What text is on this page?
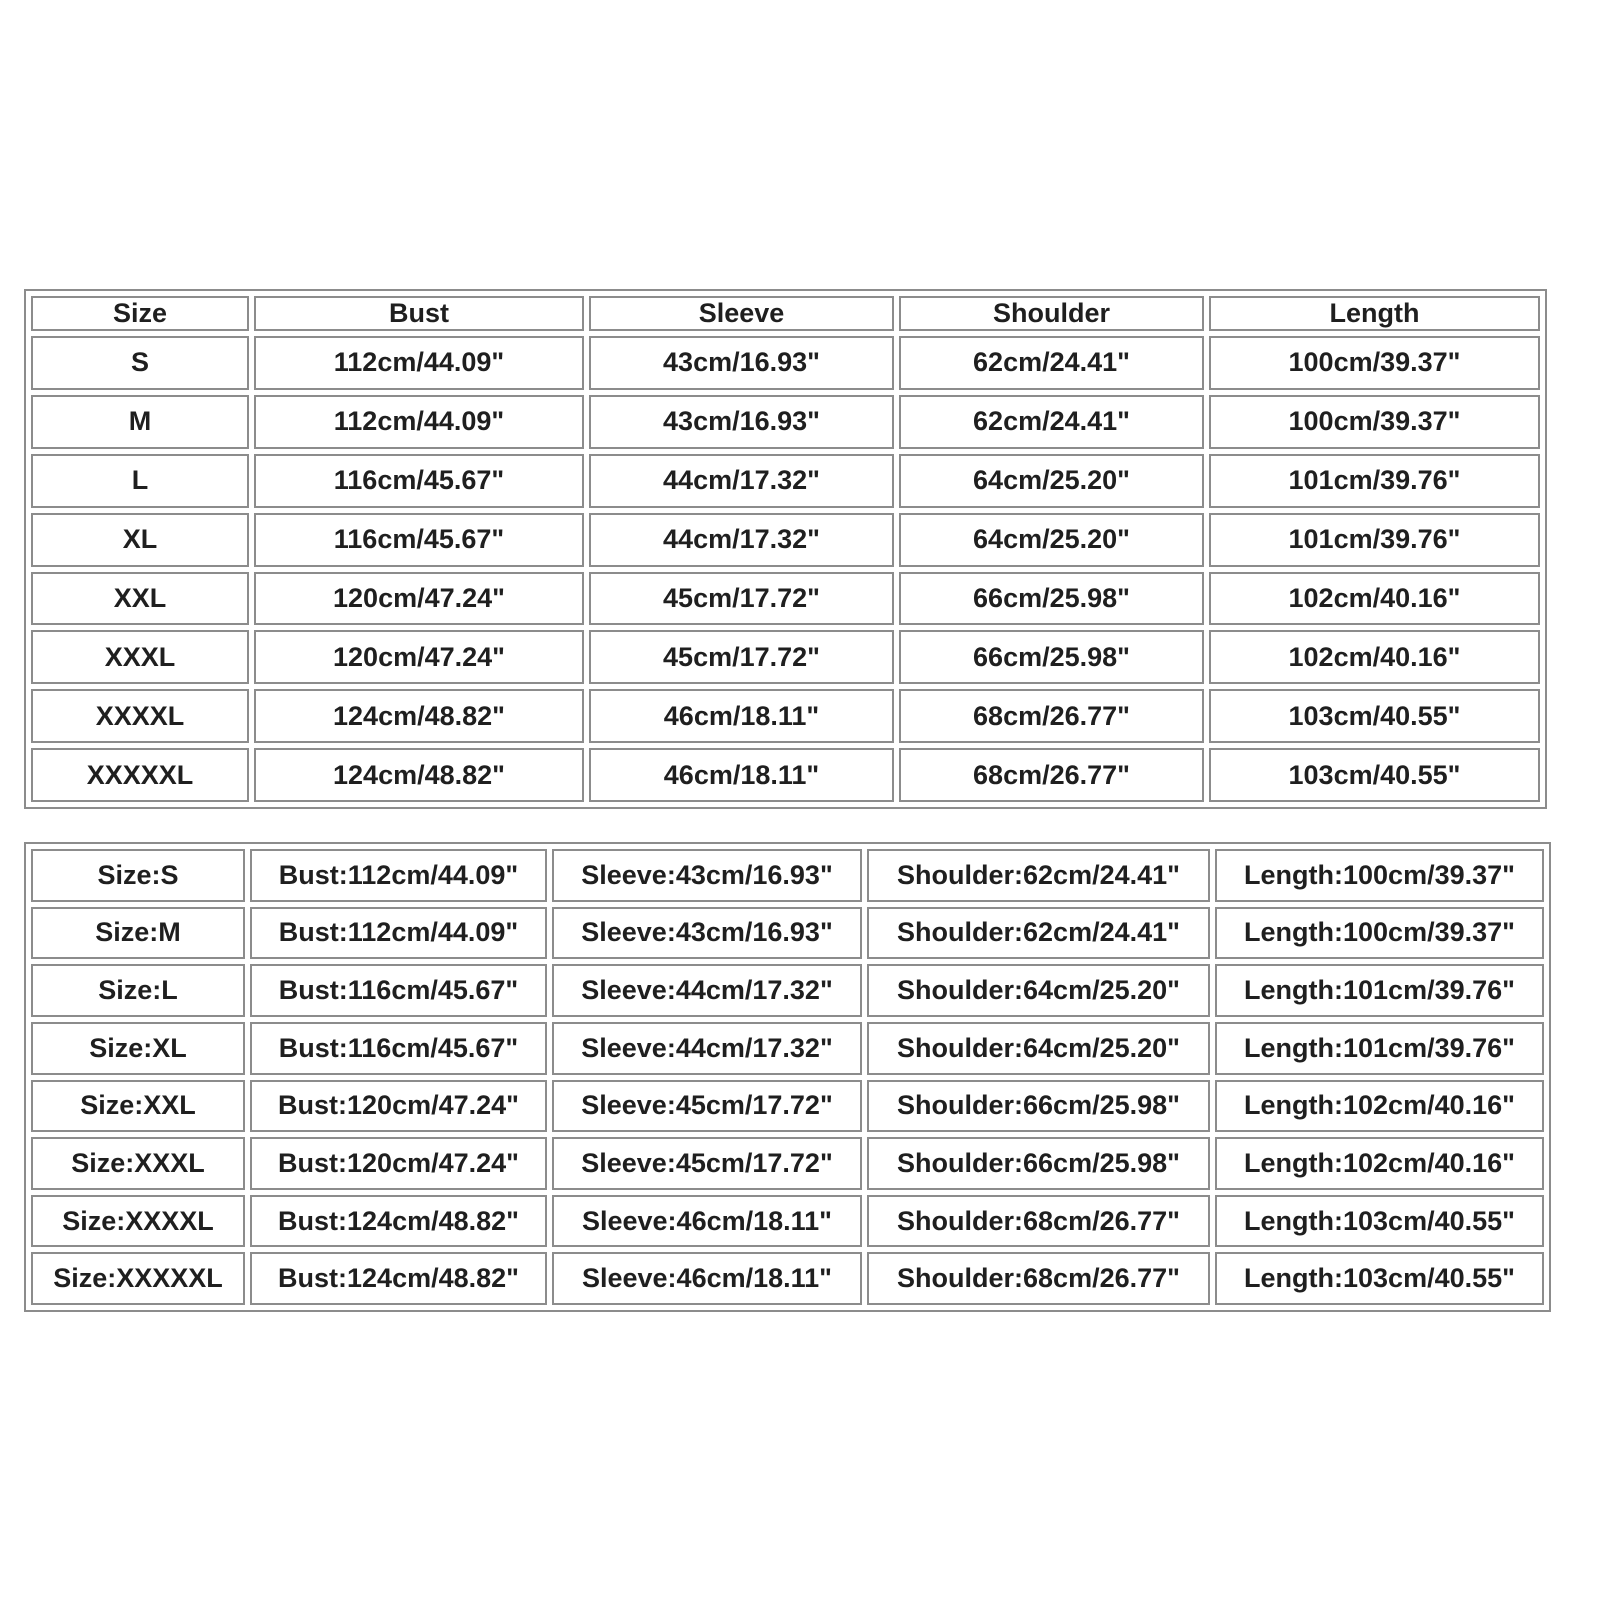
Size	Bust	Sleeve	Shoulder	Length
S	112cm/44.09"	43cm/16.93"	62cm/24.41"	100cm/39.37"
M	112cm/44.09"	43cm/16.93"	62cm/24.41"	100cm/39.37"
L	116cm/45.67"	44cm/17.32"	64cm/25.20"	101cm/39.76"
XL	116cm/45.67"	44cm/17.32"	64cm/25.20"	101cm/39.76"
XXL	120cm/47.24"	45cm/17.72"	66cm/25.98"	102cm/40.16"
XXXL	120cm/47.24"	45cm/17.72"	66cm/25.98"	102cm/40.16"
XXXXL	124cm/48.82"	46cm/18.11"	68cm/26.77"	103cm/40.55"
XXXXXL	124cm/48.82"	46cm/18.11"	68cm/26.77"	103cm/40.55"
Size:S	Bust:112cm/44.09"	Sleeve:43cm/16.93"	Shoulder:62cm/24.41"	Length:100cm/39.37"
Size:M	Bust:112cm/44.09"	Sleeve:43cm/16.93"	Shoulder:62cm/24.41"	Length:100cm/39.37"
Size:L	Bust:116cm/45.67"	Sleeve:44cm/17.32"	Shoulder:64cm/25.20"	Length:101cm/39.76"
Size:XL	Bust:116cm/45.67"	Sleeve:44cm/17.32"	Shoulder:64cm/25.20"	Length:101cm/39.76"
Size:XXL	Bust:120cm/47.24"	Sleeve:45cm/17.72"	Shoulder:66cm/25.98"	Length:102cm/40.16"
Size:XXXL	Bust:120cm/47.24"	Sleeve:45cm/17.72"	Shoulder:66cm/25.98"	Length:102cm/40.16"
Size:XXXXL	Bust:124cm/48.82"	Sleeve:46cm/18.11"	Shoulder:68cm/26.77"	Length:103cm/40.55"
Size:XXXXXL	Bust:124cm/48.82"	Sleeve:46cm/18.11"	Shoulder:68cm/26.77"	Length:103cm/40.55"
